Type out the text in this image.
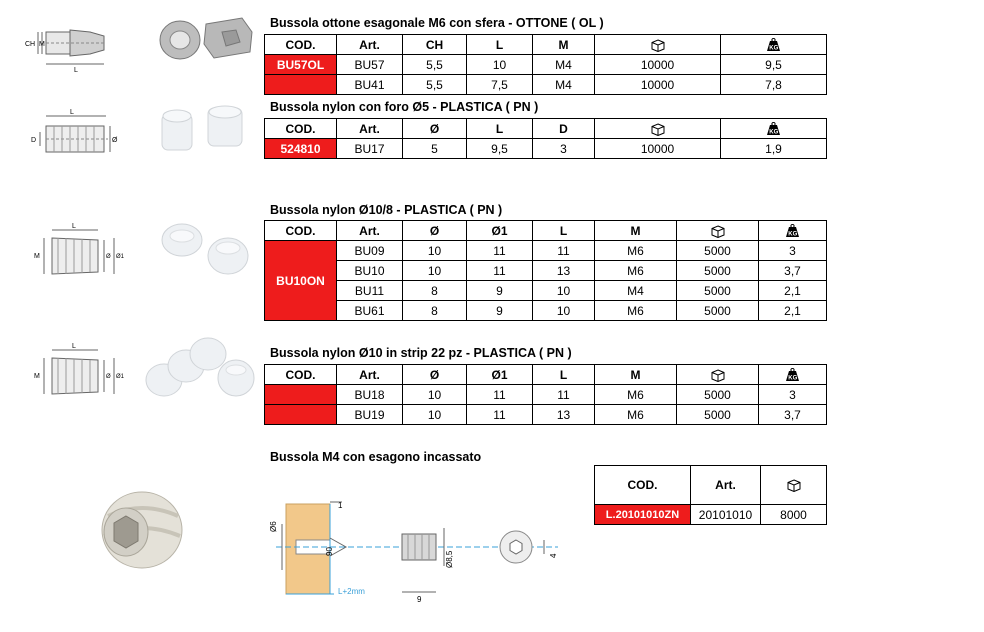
CH M
L
Bussola ottone esagonale M6 con sfera - OTTONE ( OL )
COD.	Art.	CH	L	M		KG

BU57OL	BU57	5,5	10	M4	10000	9,5
	BU41	5,5	7,5	M4	10000	7,8
L
D	Ø
Bussola nylon con foro Ø5 - PLASTICA ( PN )
COD.	Art.	Ø	L	D		KG

524810	BU17	5	9,5	3	10000	1,9
L
M	Ø Ø1
Bussola nylon Ø10/8 - PLASTICA ( PN )
COD.	Art.	Ø	Ø1	L	M		KG

BU10ON	BU09	10	11	11	M6	5000	3
	BU10	10	11	13	M6	5000	3,7
	BU11	8	9	10	M4	5000	2,1
	BU61	8	9	10	M6	5000	2,1
L
M	Ø Ø1
Bussola nylon Ø10 in strip 22 pz - PLASTICA ( PN )
COD.	Art.	Ø	Ø1	L	M		KG

	BU18	10	11	11	M6	5000	3
	BU19	10	11	13	M6	5000	3,7
Bussola M4 con esagono incassato
1
Ø6
90
L+2mm
Ø8,5
9
4
COD.	Art.	

L.20101010ZN	20101010	8000
